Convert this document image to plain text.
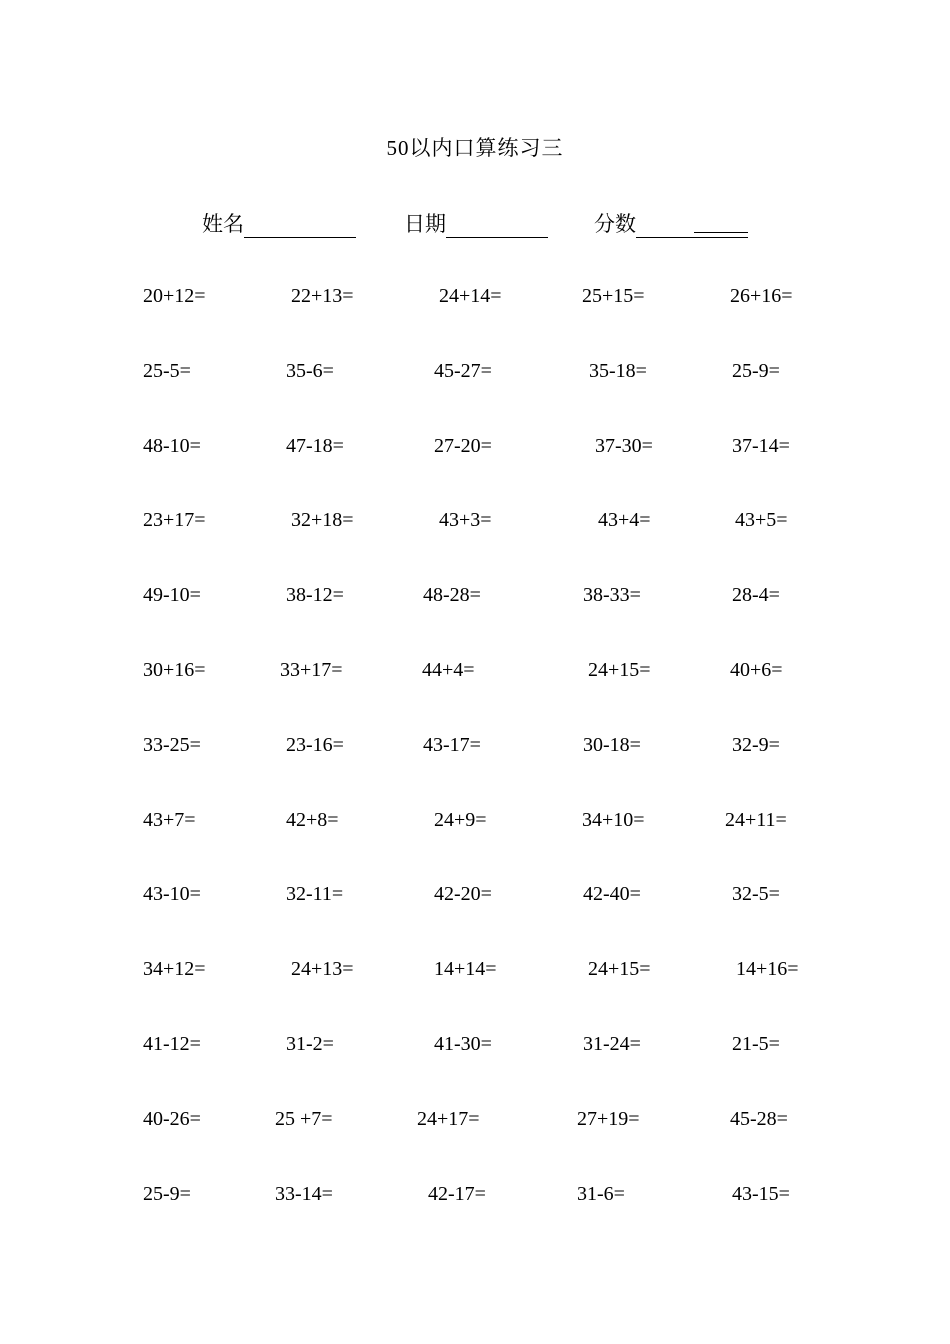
50以内口算练习三
姓名	日期	分数
20+12=	22+13=	24+14=	25+15=	26+16=
25-5=	35-6=	45-27=	35-18=	25-9=
48-10=	47-18=	27-20=	37-30=	37-14=
23+17=	32+18=	43+3=	43+4=	43+5=
49-10=	38-12=	48-28=	38-33=	28-4=
30+16=	33+17=	44+4=	24+15=	40+6=
33-25=	23-16=	43-17=	30-18=	32-9=
43+7=	42+8=	24+9=	34+10=	24+11=
43-10=	32-11=	42-20=	42-40=	32-5=
34+12=	24+13=	14+14=	24+15=	14+16=
41-12=	31-2=	41-30=	31-24=	21-5=
40-26=	25 +7=	24+17=	27+19=	45-28=
25-9=	33-14=	42-17=	31-6=	43-15=
